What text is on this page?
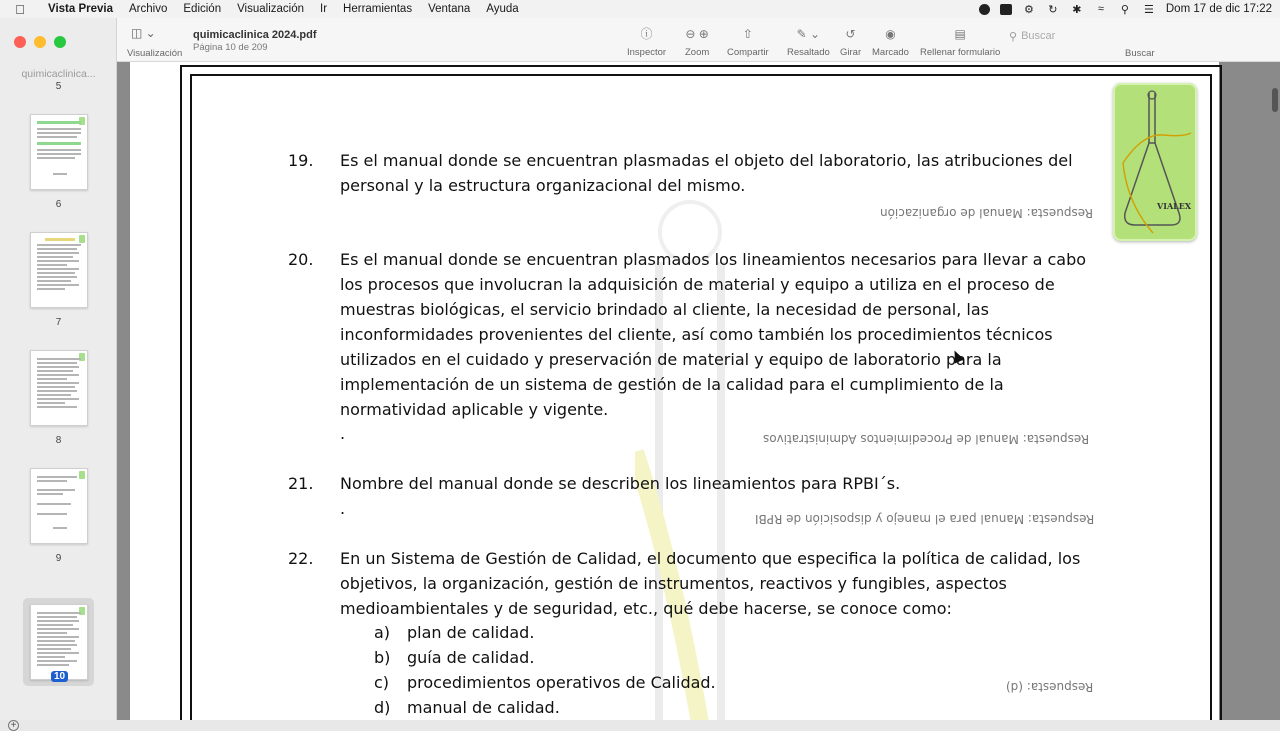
Vista Previa	Archivo	Edición	Visualización	Ir	Herramientas	Ventana	Ayuda	⚙ ↻ ✱	≈	⚲ ☰ Dom 17 de dic 17:22
quimicaclinica...
5
6
7
8
9
10
+
◫ ⌄
Visualización
quimicaclinica 2024.pdf
Página 10 de 209
ⓘ
Inspector
⊖ ⊕
Zoom
⇧
Compartir
✎ ⌄
Resaltado
↺
Girar
◉
Marcado
▤
Rellenar formulario
⚲ Buscar
Buscar
VIALEX
19. Es el manual donde se encuentran plasmadas el objeto del laboratorio, las atribuciones del
personal y la estructura organizacional del mismo.
Respuesta: Manual de organización
20. Es el manual donde se encuentran plasmados los lineamientos necesarios para llevar a cabo
los procesos que involucran la adquisición de material y equipo a utiliza en el proceso de
muestras biológicas, el servicio brindado al cliente, la necesidad de personal, las
inconformidades provenientes del cliente, así como también los procedimientos técnicos
utilizados en el cuidado y preservación de material y equipo de laboratorio para la
implementación de un sistema de gestión de la calidad para el cumplimiento de la
normatividad aplicable y vigente.
.	Respuesta: Manual de Procedimientos Administrativos
21. Nombre del manual donde se describen los lineamientos para RPBI´s.
.
Respuesta: Manual para el manejo y disposición de RPBI
22. En un Sistema de Gestión de Calidad, el documento que especifica la política de calidad, los
objetivos, la organización, gestión de instrumentos, reactivos y fungibles, aspectos
medioambientales y de seguridad, etc., qué debe hacerse, se conoce como:
a) plan de calidad.
b) guía de calidad.
c) procedimientos operativos de Calidad.
d) manual de calidad.
Respuesta: (d)
